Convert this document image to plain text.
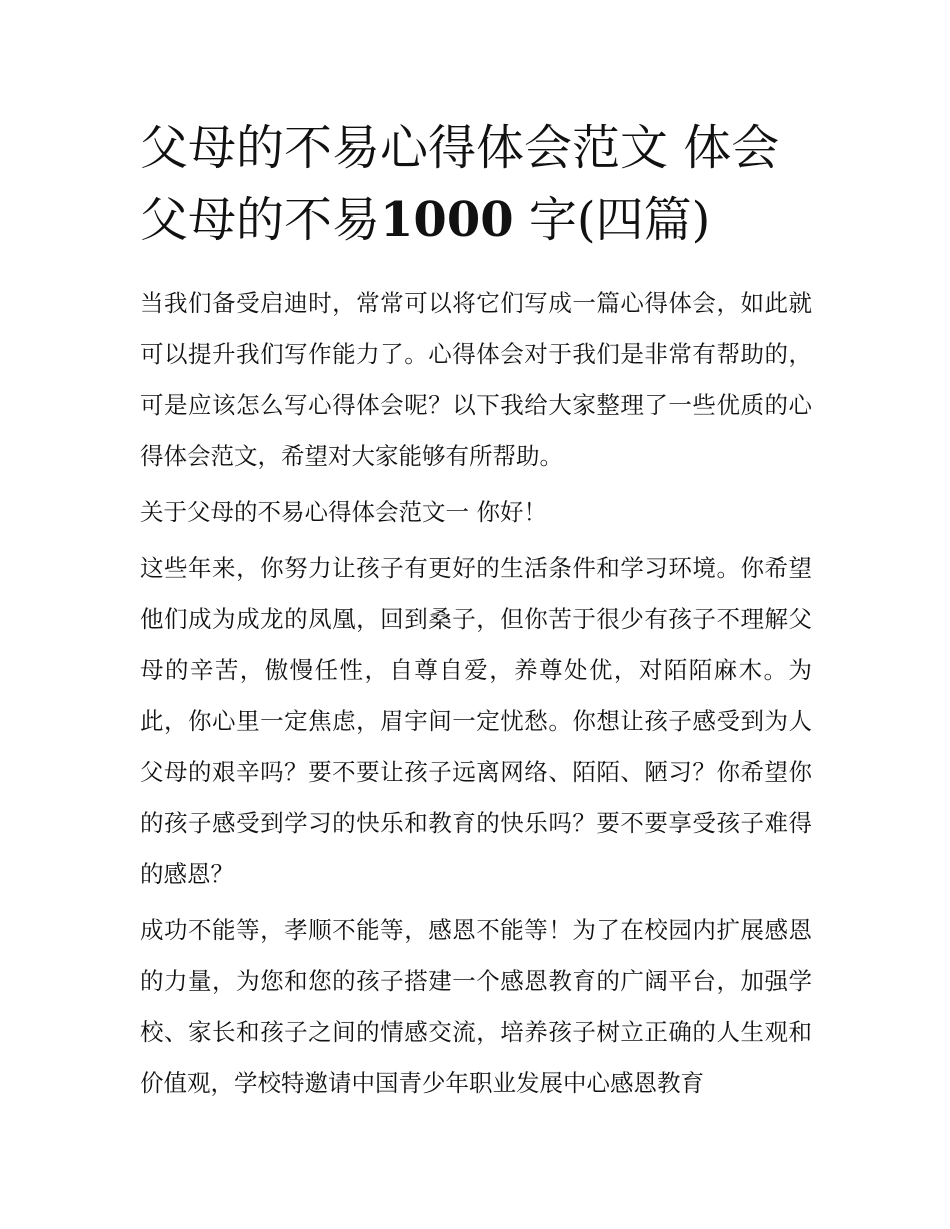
父母的不易心得体会范文 体会父母的不易1000 字(四篇)

当我们备受启迪时，常常可以将它们写成一篇心得体会，如此就可以提升我们写作能力了。心得体会对于我们是非常有帮助的，可是应该怎么写心得体会呢？以下我给大家整理了一些优质的心得体会范文，希望对大家能够有所帮助。

关于父母的不易心得体会范文一 你好！

这些年来，你努力让孩子有更好的生活条件和学习环境。你希望他们成为成龙的凤凰，回到桑子，但你苦于很少有孩子不理解父母的辛苦，傲慢任性，自尊自爱，养尊处优，对陌陌麻木。为此，你心里一定焦虑，眉宇间一定忧愁。你想让孩子感受到为人父母的艰辛吗？要不要让孩子远离网络、陌陌、陋习？你希望你的孩子感受到学习的快乐和教育的快乐吗？要不要享受孩子难得的感恩？

成功不能等，孝顺不能等，感恩不能等！为了在校园内扩展感恩的力量，为您和您的孩子搭建一个感恩教育的广阔平台，加强学校、家长和孩子之间的情感交流，培养孩子树立正确的人生观和价值观，学校特邀请中国青少年职业发展中心感恩教育
